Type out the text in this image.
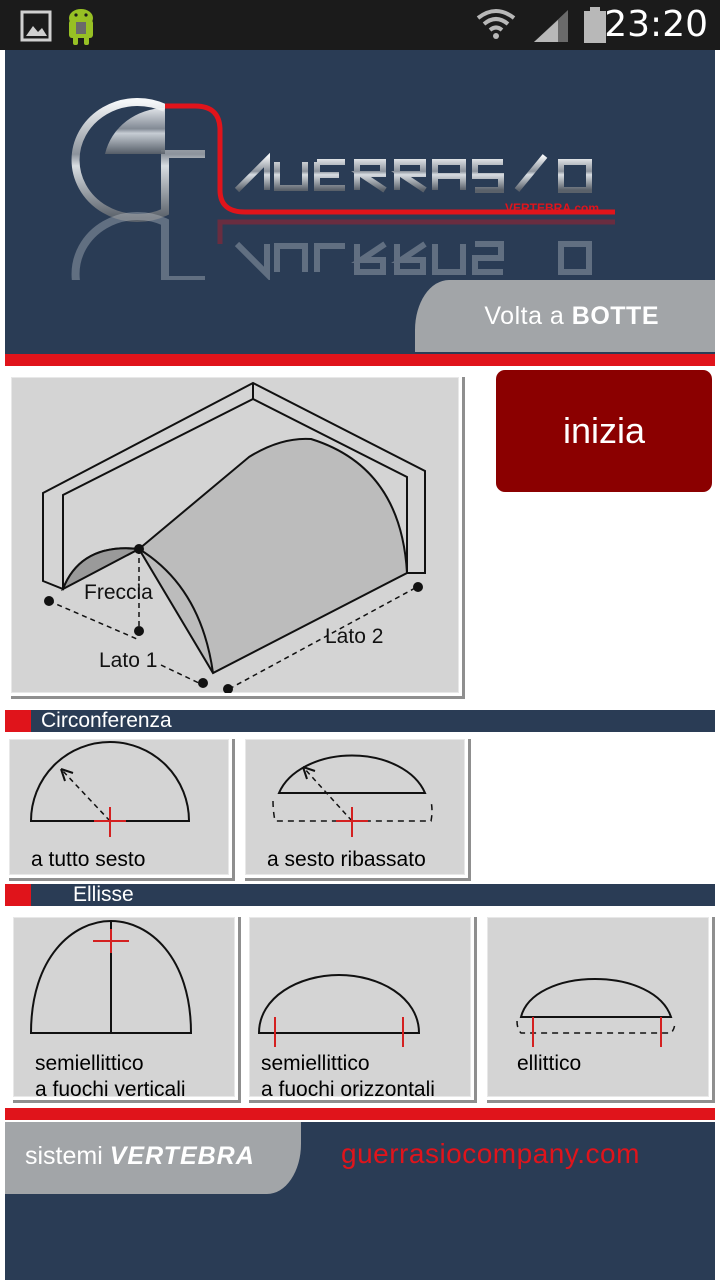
23:20
VERTEBRA.com
Volta a BOTTE
Freccia
Lato 1
Lato 2
inizia
Circonferenza
a tutto sesto	a sesto ribassato
Ellisse
semiellittico
a fuochi verticali
semiellittico
a fuochi orizzontali
ellittico
sistemi VERTEBRA	guerrasiocompany.com
